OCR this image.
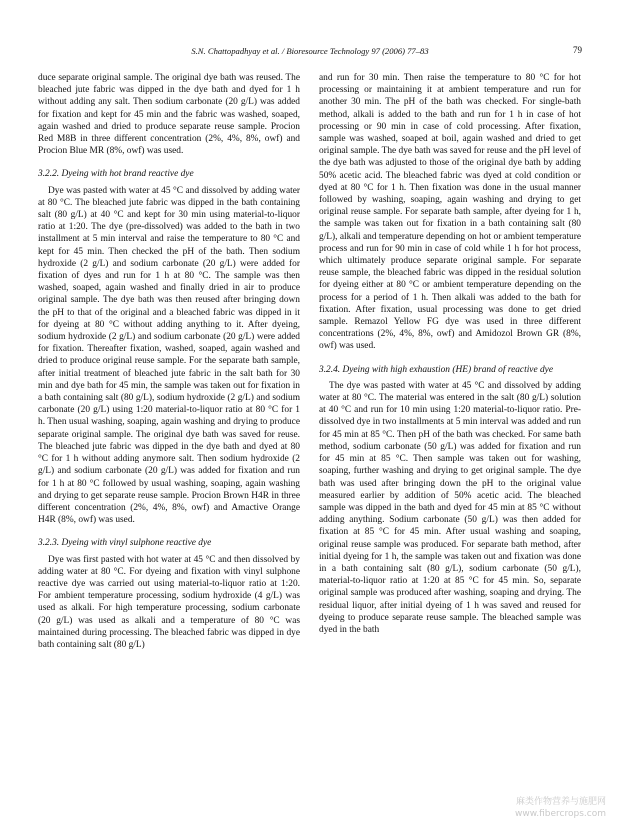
S.N. Chattopadhyay et al. / Bioresource Technology 97 (2006) 77–83	79

duce separate original sample. The original dye bath was reused. The bleached jute fabric was dipped in the dye bath and dyed for 1 h without adding any salt. Then sodium carbonate (20 g/L) was added for fixation and kept for 45 min and the fabric was washed, soaped, again washed and dried to produce separate reuse sample. Procion Red M8B in three different concentration (2%, 4%, 8%, owf) and Procion Blue MR (8%, owf) was used.

3.2.2. Dyeing with hot brand reactive dye

Dye was pasted with water at 45 °C and dissolved by adding water at 80 °C. The bleached jute fabric was dipped in the bath containing salt (80 g/L) at 40 °C and kept for 30 min using material-to-liquor ratio at 1:20. The dye (pre-dissolved) was added to the bath in two installment at 5 min interval and raise the temperature to 80 °C and kept for 45 min. Then checked the pH of the bath. Then sodium hydroxide (2 g/L) and sodium carbonate (20 g/L) were added for fixation of dyes and run for 1 h at 80 °C. The sample was then washed, soaped, again washed and finally dried in air to produce original sample. The dye bath was then reused after bringing down the pH to that of the original and a bleached fabric was dipped in it for dyeing at 80 °C without adding anything to it. After dyeing, sodium hydroxide (2 g/L) and sodium carbonate (20 g/L) were added for fixation. Thereafter fixation, washed, soaped, again washed and dried to produce original reuse sample. For the separate bath sample, after initial treatment of bleached jute fabric in the salt bath for 30 min and dye bath for 45 min, the sample was taken out for fixation in a bath containing salt (80 g/L), sodium hydroxide (2 g/L) and sodium carbonate (20 g/L) using 1:20 material-to-liquor ratio at 80 °C for 1 h. Then usual washing, soaping, again washing and drying to produce separate original sample. The original dye bath was saved for reuse. The bleached jute fabric was dipped in the dye bath and dyed at 80 °C for 1 h without adding anymore salt. Then sodium hydroxide (2 g/L) and sodium carbonate (20 g/L) was added for fixation and run for 1 h at 80 °C followed by usual washing, soaping, again washing and drying to get separate reuse sample. Procion Brown H4R in three different concentration (2%, 4%, 8%, owf) and Amactive Orange H4R (8%, owf) was used.

3.2.3. Dyeing with vinyl sulphone reactive dye

Dye was first pasted with hot water at 45 °C and then dissolved by adding water at 80 °C. For dyeing and fixation with vinyl sulphone reactive dye was carried out using material-to-liquor ratio at 1:20. For ambient temperature processing, sodium hydroxide (4 g/L) was used as alkali. For high temperature processing, sodium carbonate (20 g/L) was used as alkali and a temperature of 80 °C was maintained during processing. The bleached fabric was dipped in dye bath containing salt (80 g/L)

and run for 30 min. Then raise the temperature to 80 °C for hot processing or maintaining it at ambient temperature and run for another 30 min. The pH of the bath was checked. For single-bath method, alkali is added to the bath and run for 1 h in case of hot processing or 90 min in case of cold processing. After fixation, sample was washed, soaped at boil, again washed and dried to get original sample. The dye bath was saved for reuse and the pH level of the dye bath was adjusted to those of the original dye bath by adding 50% acetic acid. The bleached fabric was dyed at cold condition or dyed at 80 °C for 1 h. Then fixation was done in the usual manner followed by washing, soaping, again washing and drying to get original reuse sample. For separate bath sample, after dyeing for 1 h, the sample was taken out for fixation in a bath containing salt (80 g/L), alkali and temperature depending on hot or ambient temperature process and run for 90 min in case of cold while 1 h for hot process, which ultimately produce separate original sample. For separate reuse sample, the bleached fabric was dipped in the residual solution for dyeing either at 80 °C or ambient temperature depending on the process for a period of 1 h. Then alkali was added to the bath for fixation. After fixation, usual processing was done to get dried sample. Remazol Yellow FG dye was used in three different concentrations (2%, 4%, 8%, owf) and Amidozol Brown GR (8%, owf) was used.

3.2.4. Dyeing with high exhaustion (HE) brand of reactive dye

The dye was pasted with water at 45 °C and dissolved by adding water at 80 °C. The material was entered in the salt (80 g/L) solution at 40 °C and run for 10 min using 1:20 material-to-liquor ratio. Pre-dissolved dye in two installments at 5 min interval was added and run for 45 min at 85 °C. Then pH of the bath was checked. For same bath method, sodium carbonate (50 g/L) was added for fixation and run for 45 min at 85 °C. Then sample was taken out for washing, soaping, further washing and drying to get original sample. The dye bath was used after bringing down the pH to the original value measured earlier by addition of 50% acetic acid. The bleached sample was dipped in the bath and dyed for 45 min at 85 °C without adding anything. Sodium carbonate (50 g/L) was then added for fixation at 85 °C for 45 min. After usual washing and soaping, original reuse sample was produced. For separate bath method, after initial dyeing for 1 h, the sample was taken out and fixation was done in a bath containing salt (80 g/L), sodium carbonate (50 g/L), material-to-liquor ratio at 1:20 at 85 °C for 45 min. So, separate original sample was produced after washing, soaping and drying. The residual liquor, after initial dyeing of 1 h was saved and reused for dyeing to produce separate reuse sample. The bleached sample was dyed in the bath

麻类作物营养与施肥网
www.fibercrops.com
